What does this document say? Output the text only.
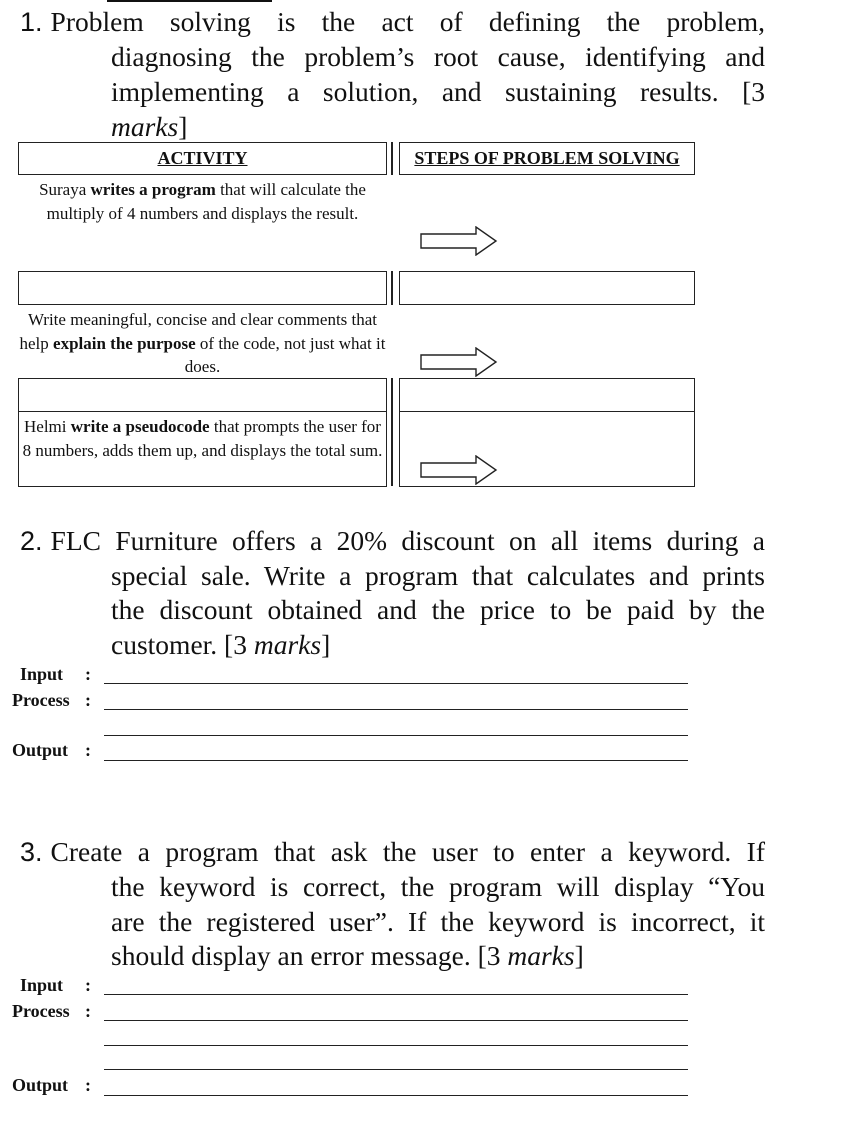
1. Problem solving is the act of defining the problem,
diagnosing the problem’s root cause, identifying and
implementing a solution, and sustaining results. [3
marks]
ACTIVITY	STEPS OF PROBLEM SOLVING
Suraya writes a program that will calculate the multiply of 4 numbers and displays the result.
Write meaningful, concise and clear comments that help explain the purpose of the code, not just what it does.
Helmi write a pseudocode that prompts the user for 8 numbers, adds them up, and displays the total sum.
2. FLC Furniture offers a 20% discount on all items during a
special sale. Write a program that calculates and prints
the discount obtained and the price to be paid by the
customer. [3 marks]
Input :
Process :
Output :
3. Create a program that ask the user to enter a keyword. If
the keyword is correct, the program will display “You
are the registered user”. If the keyword is incorrect, it
should display an error message. [3 marks]
Input :
Process :
Output :
